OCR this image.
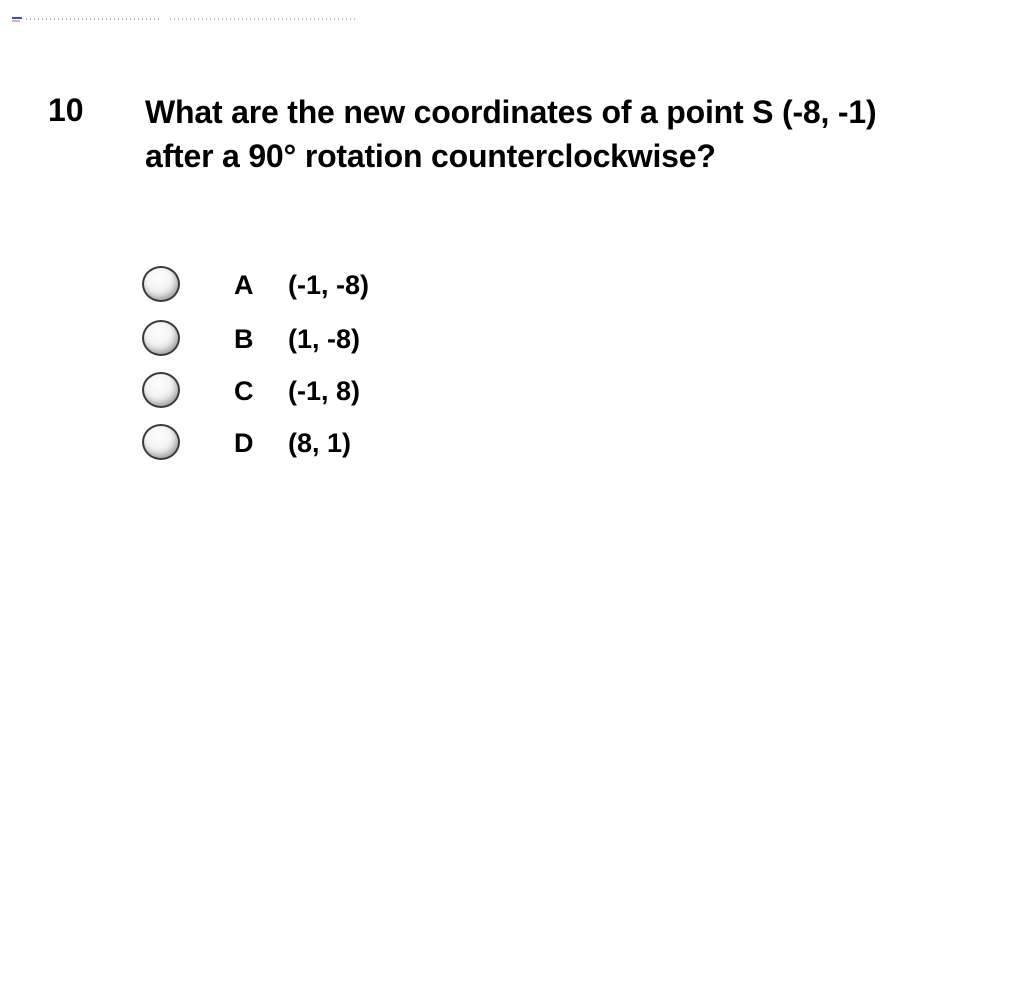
10 What are the new coordinates of a point S (-8, -1)
after a 90° rotation counterclockwise?
A (-1, -8)
B (1, -8)
C (-1, 8)
D (8, 1)
